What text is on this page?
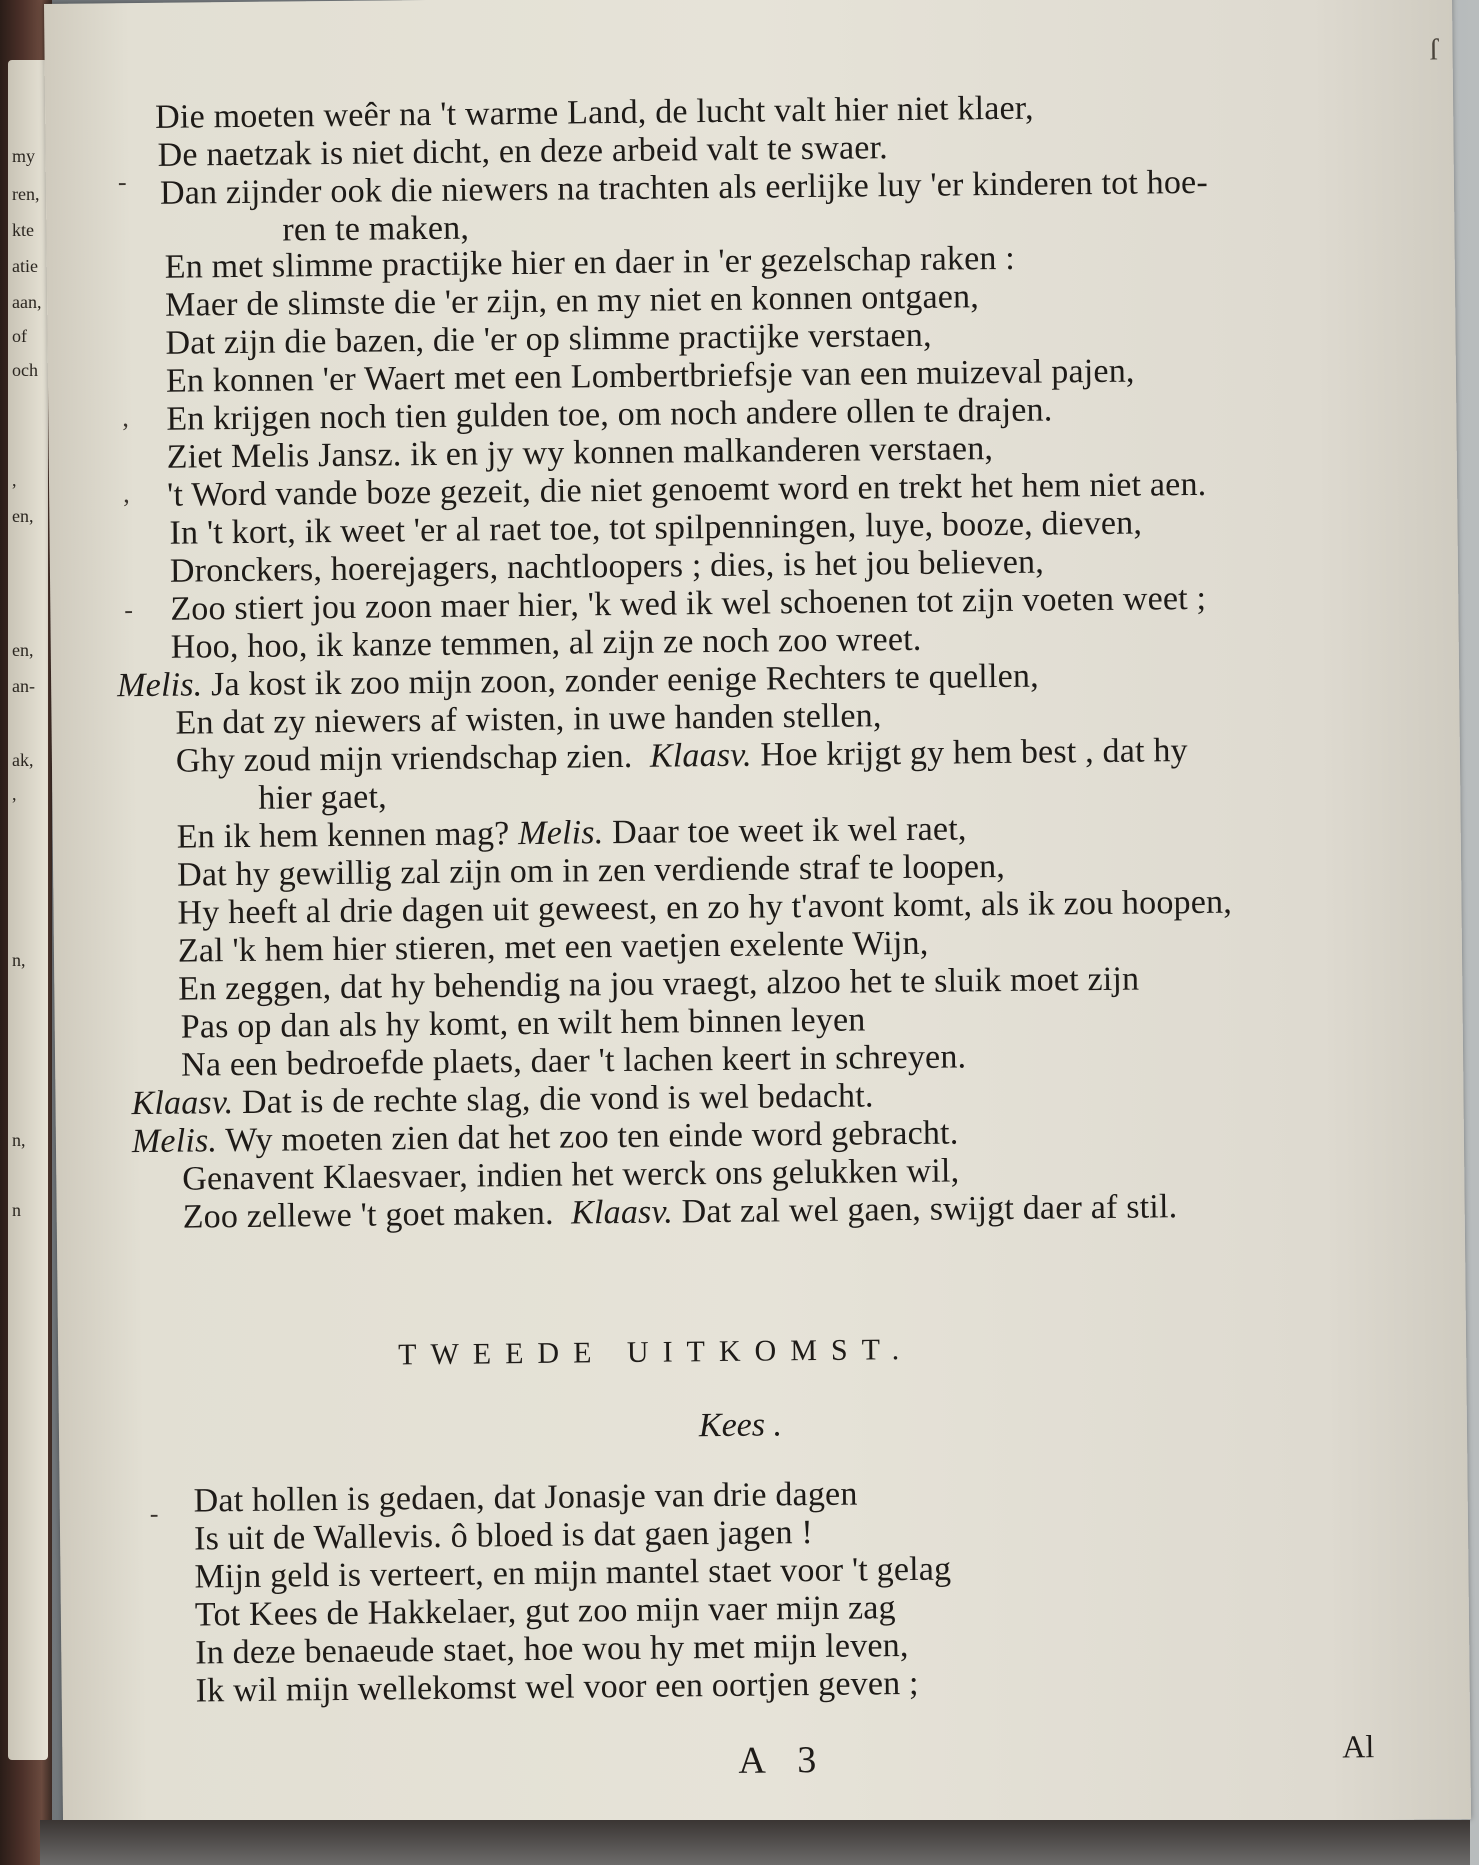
my
ren,
kte
atie
aan,
of
och
,
en,
en,
an-
ak,
,
n,
n,
n
ſ
Die moeten weêr na 't warme Land, de lucht valt hier niet klaer,
-
De naetzak is niet dicht, en deze arbeid valt te swaer.
Dan zijnder ook die niewers na trachten als eerlijke luy 'er kinderen tot hoe-
ren te maken,
En met slimme practijke hier en daer in 'er gezelschap raken :
Maer de slimste die 'er zijn, en my niet en konnen ontgaen,
Dat zijn die bazen, die 'er op slimme practijke verstaen,
En konnen 'er Waert met een Lombertbriefsje van een muizeval pajen,
, En krijgen noch tien gulden toe, om noch andere ollen te drajen.
Ziet Melis Jansz. ik en jy wy konnen malkanderen verstaen,
, 't Word vande boze gezeit, die niet genoemt word en trekt het hem niet aen.
In 't kort, ik weet 'er al raet toe, tot spilpenningen, luye, booze, dieven,
Dronckers, hoerejagers, nachtloopers ; dies, is het jou believen,
- Zoo stiert jou zoon maer hier, 'k wed ik wel schoenen tot zijn voeten weet ;
Hoo, hoo, ik kanze temmen, al zijn ze noch zoo wreet.
Melis. Ja kost ik zoo mijn zoon, zonder eenige Rechters te quellen,
En dat zy niewers af wisten, in uwe handen stellen,
Ghy zoud mijn vriendschap zien. Klaasv. Hoe krijgt gy hem best , dat hy
hier gaet,
En ik hem kennen mag? Melis. Daar toe weet ik wel raet,
Dat hy gewillig zal zijn om in zen verdiende straf te loopen,
Hy heeft al drie dagen uit geweest, en zo hy t'avont komt, als ik zou hoopen,
Zal 'k hem hier stieren, met een vaetjen exelente Wijn,
En zeggen, dat hy behendig na jou vraegt, alzoo het te sluik moet zijn
Pas op dan als hy komt, en wilt hem binnen leyen
Na een bedroefde plaets, daer 't lachen keert in schreyen.
Klaasv. Dat is de rechte slag, die vond is wel bedacht.
Melis. Wy moeten zien dat het zoo ten einde word gebracht.
Genavent Klaesvaer, indien het werck ons gelukken wil,
Zoo zellewe 't goet maken. Klaasv. Dat zal wel gaen, swijgt daer af stil.
TWEEDE UITKOMST.
Kees .
- Dat hollen is gedaen, dat Jonasje van drie dagen
Is uit de Wallevis. ô bloed is dat gaen jagen !
Mijn geld is verteert, en mijn mantel staet voor 't gelag
Tot Kees de Hakkelaer, gut zoo mijn vaer mijn zag
In deze benaeude staet, hoe wou hy met mijn leven,
Ik wil mijn wellekomst wel voor een oortjen geven ;
A 3	Al
